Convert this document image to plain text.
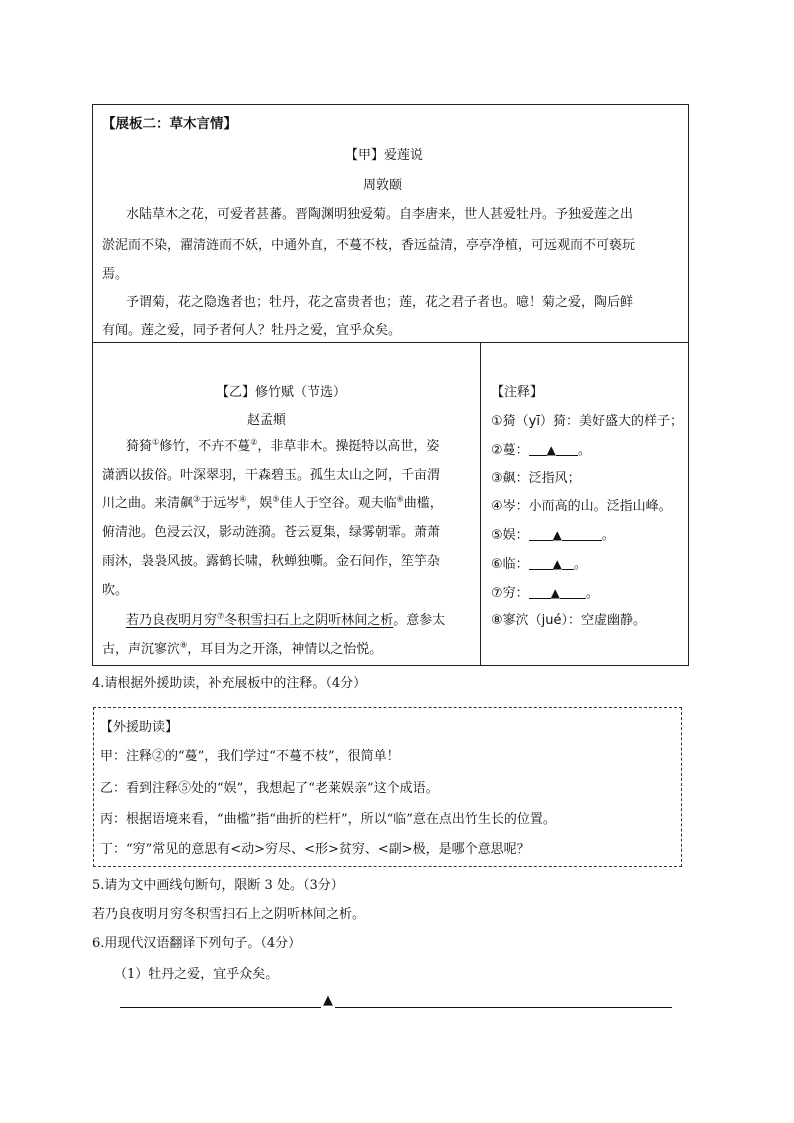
【展板二：草木言情】
【甲】爱莲说
周敦颐
水陆草木之花，可爱者甚蕃。晋陶渊明独爱菊。自李唐来，世人甚爱牡丹。予独爱莲之出
淤泥而不染，濯清涟而不妖，中通外直，不蔓不枝，香远益清，亭亭净植，可远观而不可亵玩
焉。
予谓菊，花之隐逸者也；牡丹，花之富贵者也；莲，花之君子者也。噫！菊之爱，陶后鲜
有闻。莲之爱，同予者何人？牡丹之爱，宜乎众矣。
【乙】修竹赋（节选）
赵孟頫
猗猗①修竹，不卉不蔓②，非草非木。操挺特以高世，姿
潇洒以拔俗。叶深翠羽，干森碧玉。孤生太山之阿，千亩渭
川之曲。来清飙③于远岑④，娱⑤佳人于空谷。观夫临⑥曲槛，
俯清池。色浸云汉，影动涟漪。苍云夏集，绿雾朝霏。萧萧
雨沐，袅袅风披。露鹤长啸，秋蝉独嘶。金石间作，笙竽杂
吹。
若乃良夜明月穷⑦冬积雪扫石上之阴听林间之析。意参太
古，声沉寥泬⑧，耳目为之开涤，神情以之怡悦。
【注释】
①猗（yī）猗：美好盛大的样子；
②蔓： ▲ 。
③飙：泛指风；
④岑：小而高的山。泛指山峰。
⑤娱： ▲	。
⑥临： ▲ 。
⑦穷： ▲ 。
⑧寥泬（jué）：空虚幽静。
4.请根据外援助读，补充展板中的注释。（4分）
【外援助读】
甲：注释②的“蔓”，我们学过“不蔓不枝”，很简单！
乙：看到注释⑤处的“娱”，我想起了“老莱娱亲”这个成语。
丙：根据语境来看，“曲槛”指“曲折的栏杆”，所以“临”意在点出竹生长的位置。
丁：“穷”常见的意思有<动>穷尽、<形>贫穷、<副>极，是哪个意思呢？
5.请为文中画线句断句，限断 3 处。（3分）
若乃良夜明月穷冬积雪扫石上之阴听林间之析。
6.用现代汉语翻译下列句子。（4分）
（1）牡丹之爱，宜乎众矣。
▲
